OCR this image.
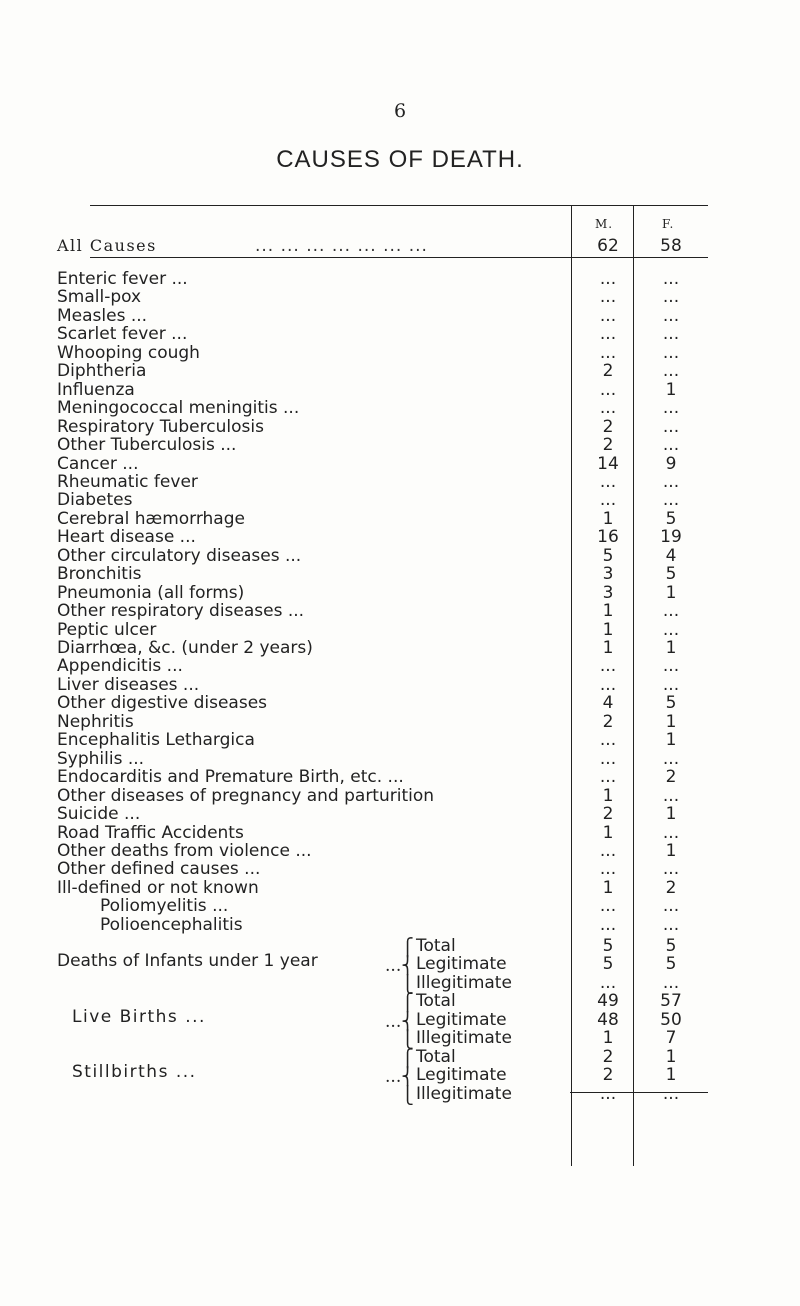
6
CAUSES OF DEATH.
M.	F.
All Causes	... ... ... ... ... ... ...	62	58
Enteric fever ...	...	...
Small-pox	...	...
Measles ...	...	...
Scarlet fever ...	...	...
Whooping cough	...	...
Diphtheria	2	...
Influenza	...	1
Meningococcal meningitis ...	...	...
Respiratory Tuberculosis	2	...
Other Tuberculosis ...	2	...
Cancer ...	14	9
Rheumatic fever	...	...
Diabetes	...	...
Cerebral hæmorrhage	1	5
Heart disease ...	16	19
Other circulatory diseases ...	5	4
Bronchitis	3	5
Pneumonia (all forms)	3	1
Other respiratory diseases ...	1	...
Peptic ulcer	1	...
Diarrhœa, &c. (under 2 years)	1	1
Appendicitis ...	...	...
Liver diseases ...	...	...
Other digestive diseases	4	5
Nephritis	2	1
Encephalitis Lethargica	...	1
Syphilis ...	...	...
Endocarditis and Premature Birth, etc. ...	...	2
Other diseases of pregnancy and parturition	1	...
Suicide ...	2	1
Road Traffic Accidents	1	...
Other deaths from violence ...	...	1
Other defined causes ...	...	...
Ill-defined or not known	1	2
Poliomyelitis ...	...	...
Polioencephalitis	...	...
Deaths of Infants under 1 year
⎧
...⎨
⎩
Total	5	5
Legitimate	5	5
Illegitimate	...	...
Live Births ...
⎧
...⎨
⎩
Total	49	57
Legitimate	48	50
Illegitimate	1	7
Stillbirths ...
⎧
...⎨
⎩
Total	2	1
Legitimate	2	1
Illegitimate	...	...
